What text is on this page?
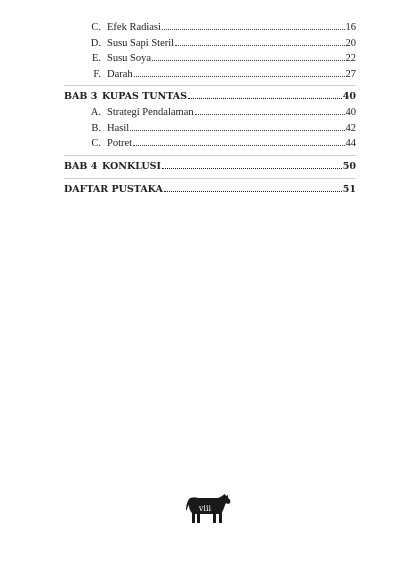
C. Efek Radiasi	16
D. Susu Sapi Steril	20
E. Susu Soya	22
F. Darah	27
BAB 3 KUPAS TUNTAS	40
A. Strategi Pendalaman	40
B. Hasil	42
C. Potret	44
BAB 4 KONKLUSI	50
DAFTAR PUSTAKA	51
viii
